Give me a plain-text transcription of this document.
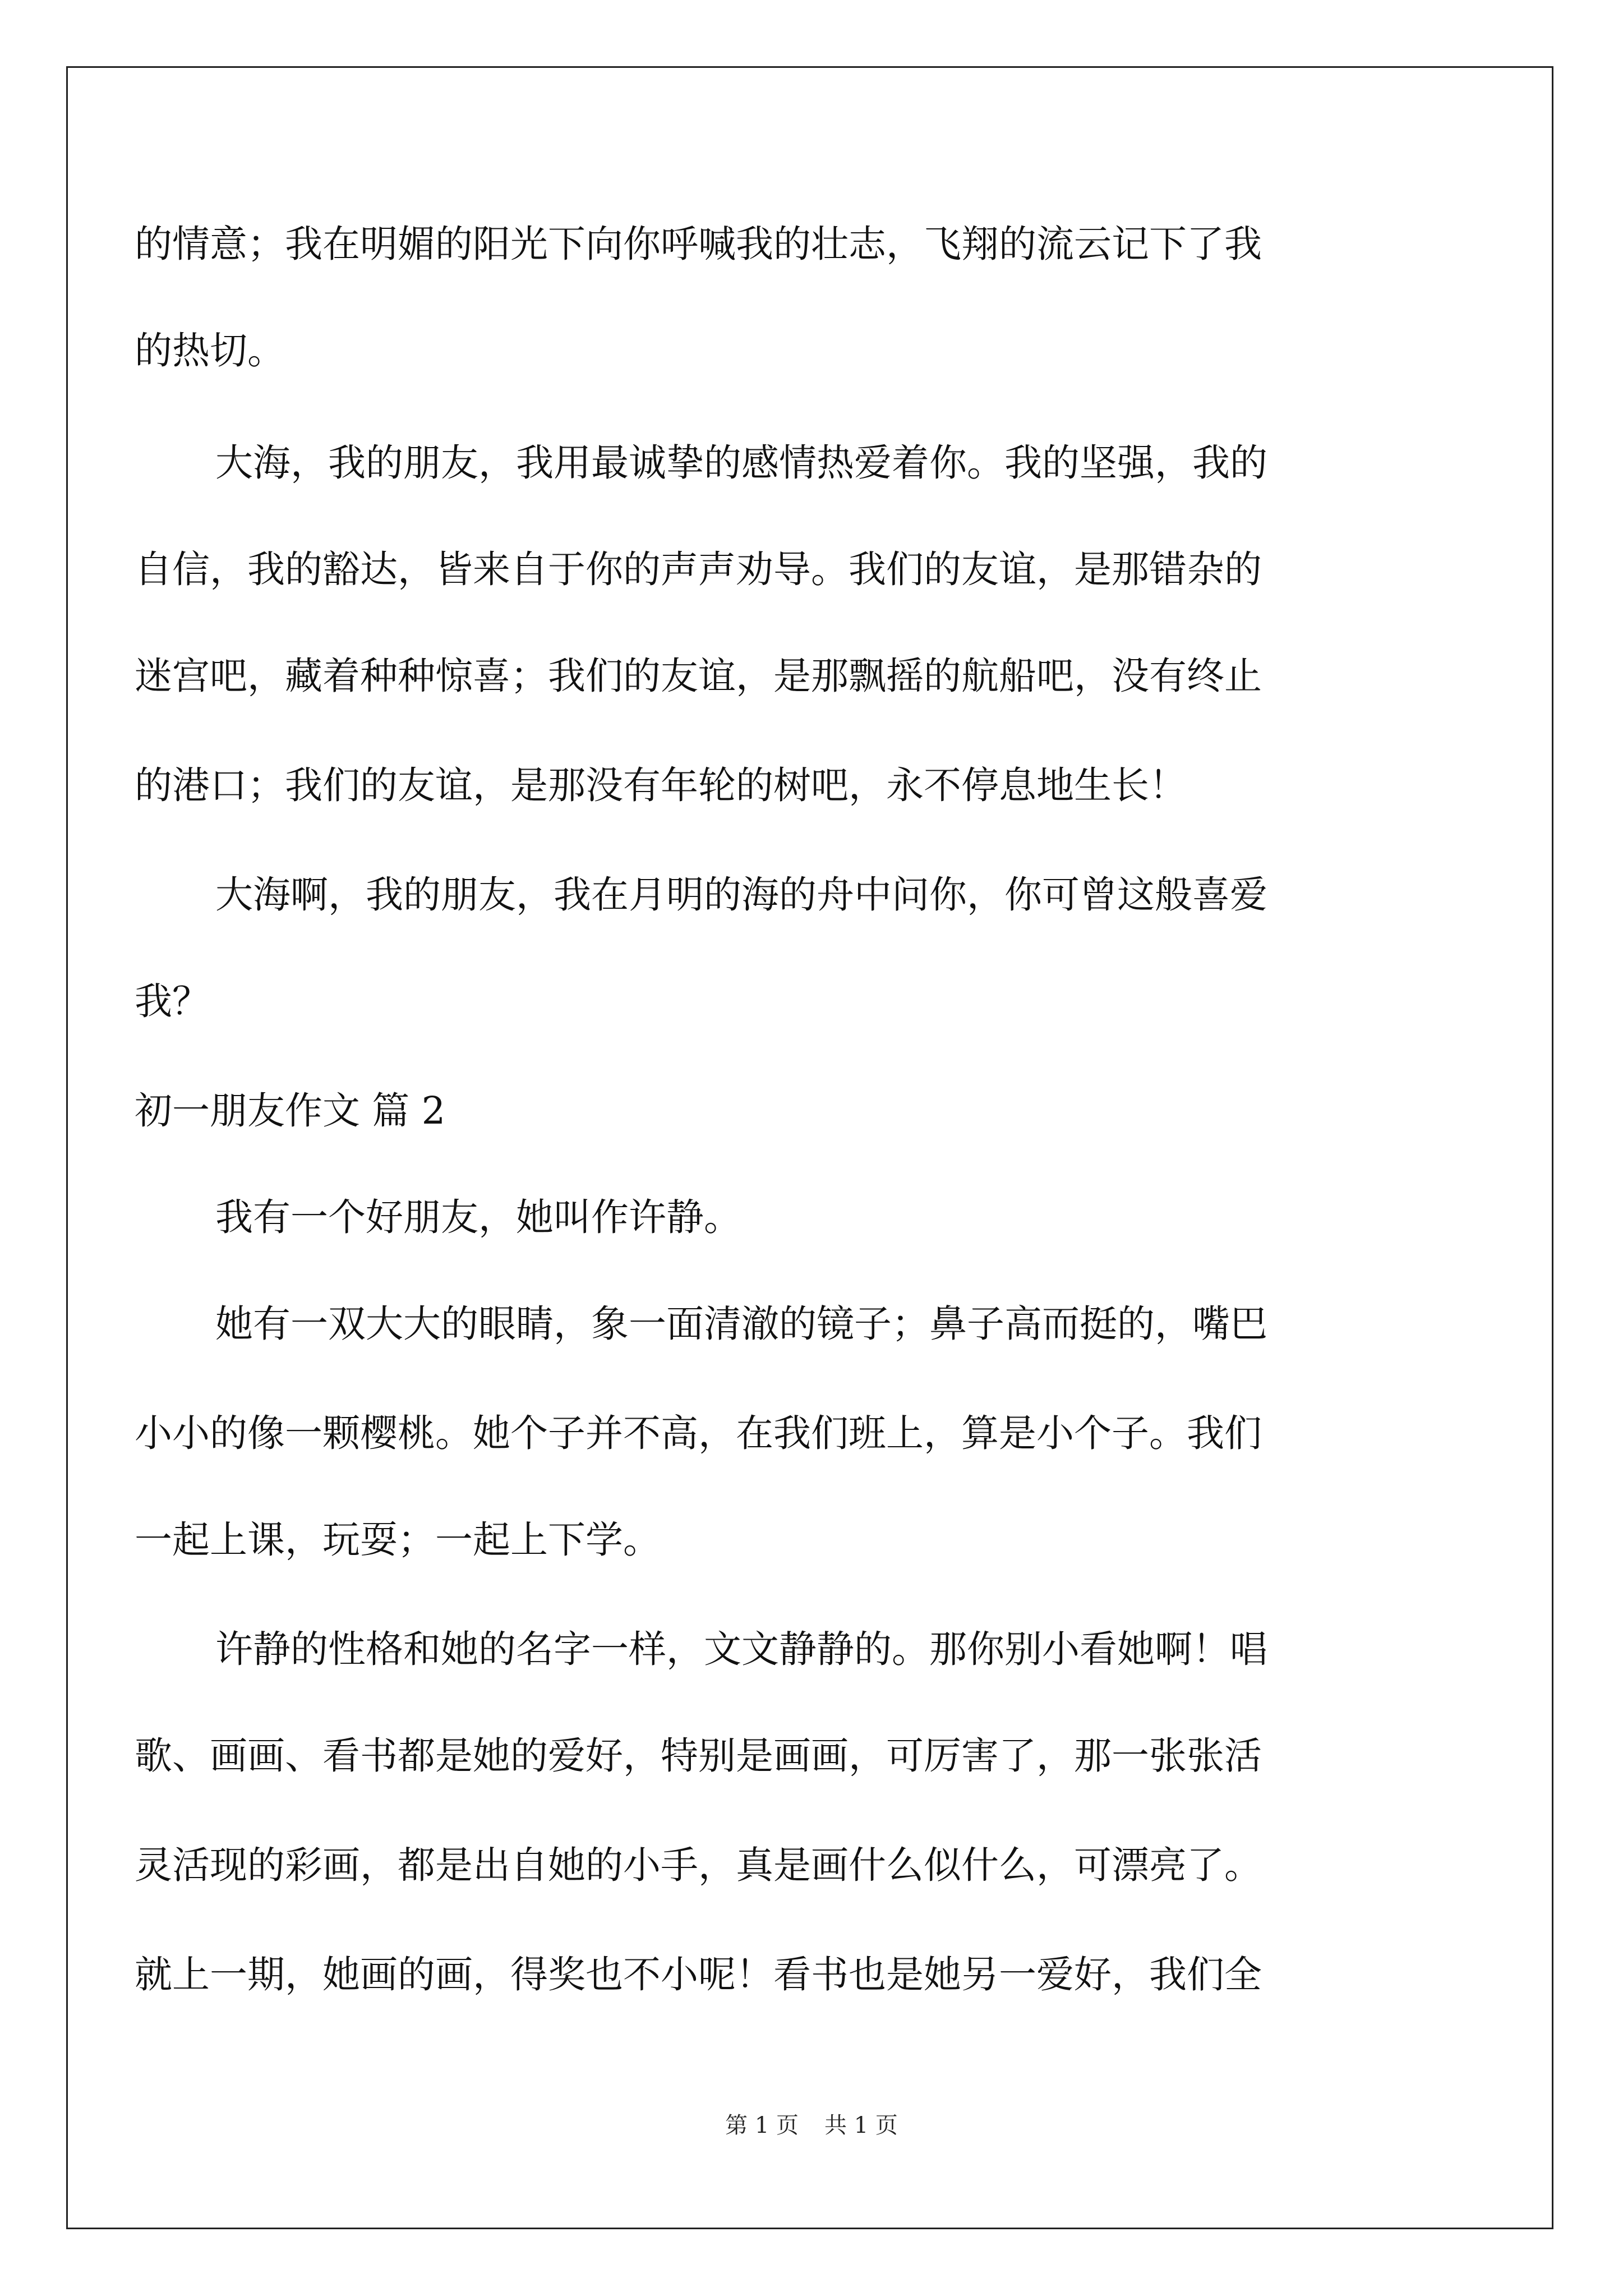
的情意；我在明媚的阳光下向你呼喊我的壮志，飞翔的流云记下了我
的热切。
大海，我的朋友，我用最诚挚的感情热爱着你。我的坚强，我的
自信，我的豁达，皆来自于你的声声劝导。我们的友谊，是那错杂的
迷宫吧，藏着种种惊喜；我们的友谊，是那飘摇的航船吧，没有终止
的港口；我们的友谊，是那没有年轮的树吧，永不停息地生长！
大海啊，我的朋友，我在月明的海的舟中问你，你可曾这般喜爱
我？
初一朋友作文 篇 2
我有一个好朋友，她叫作许静。
她有一双大大的眼睛，象一面清澈的镜子；鼻子高而挺的，嘴巴
小小的像一颗樱桃。她个子并不高，在我们班上，算是小个子。我们
一起上课，玩耍；一起上下学。
许静的性格和她的名字一样，文文静静的。那你别小看她啊！唱
歌、画画、看书都是她的爱好，特别是画画，可厉害了，那一张张活
灵活现的彩画，都是出自她的小手，真是画什么似什么，可漂亮了。
就上一期，她画的画，得奖也不小呢！看书也是她另一爱好，我们全
第 1 页 共 1 页
